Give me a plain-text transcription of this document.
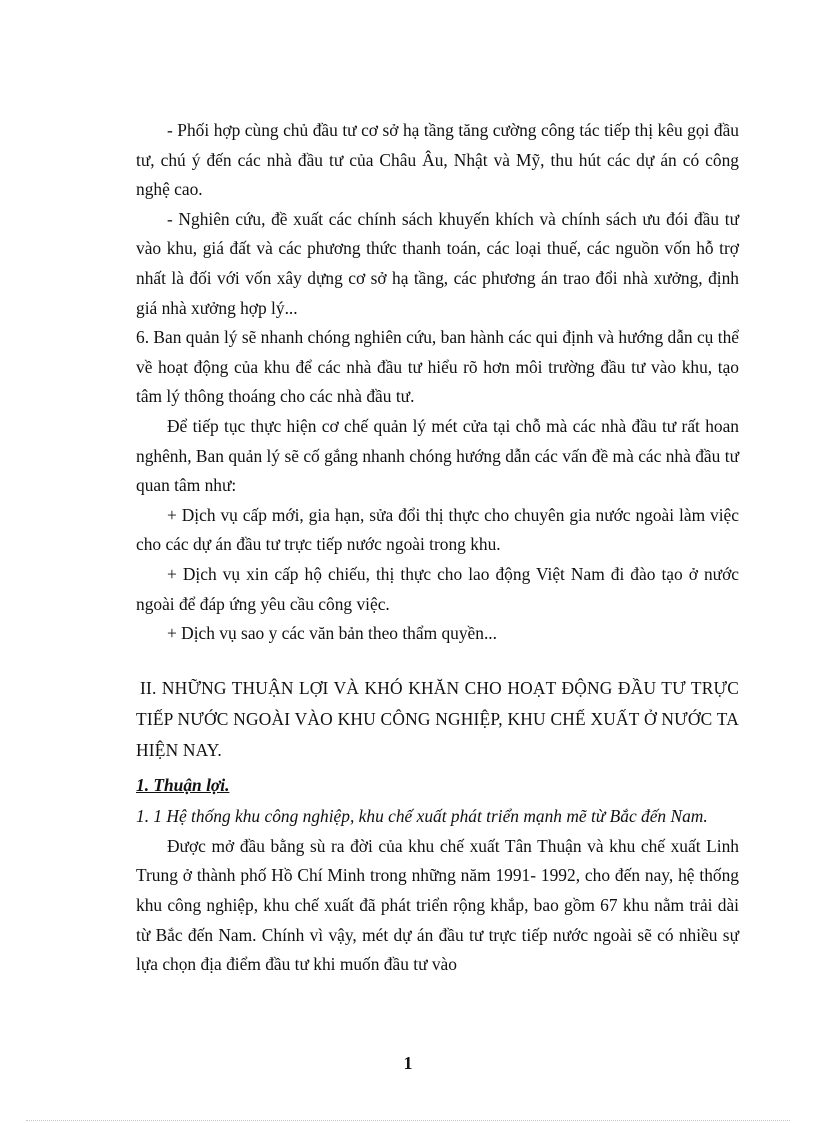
- Phối hợp cùng chủ đầu tư cơ sở hạ tầng tăng cường công tác tiếp thị kêu gọi đầu tư, chú ý đến các nhà đầu tư của Châu Âu, Nhật và Mỹ, thu hút các dự án có công nghệ cao.

- Nghiên cứu, đề xuất các chính sách khuyến khích và chính sách ưu đói đầu tư vào khu, giá đất và các phương thức thanh toán, các loại thuế, các nguồn vốn hỗ trợ nhất là đối với vốn xây dựng cơ sở hạ tầng, các phương án trao đổi nhà xưởng, định giá nhà xưởng hợp lý...

6. Ban quản lý sẽ nhanh chóng nghiên cứu, ban hành các qui định và hướng dẫn cụ thể về hoạt động của khu để các nhà đầu tư hiểu rõ hơn môi trường đầu tư vào khu, tạo tâm lý thông thoáng cho các nhà đầu tư.

Để tiếp tục thực hiện cơ chế quản lý mét cửa tại chỗ mà các nhà đầu tư rất hoan nghênh, Ban quản lý sẽ cố gắng nhanh chóng hướng dẫn các vấn đề mà các nhà đầu tư quan tâm như:

+ Dịch vụ cấp mới, gia hạn, sửa đổi thị thực cho chuyên gia nước ngoài làm việc cho các dự án đầu tư trực tiếp nước ngoài trong khu.

+ Dịch vụ xin cấp hộ chiếu, thị thực cho lao động Việt Nam đi đào tạo ở nước ngoài để đáp ứng yêu cầu công việc.

+ Dịch vụ sao y các văn bản theo thẩm quyền...

II. NHỮNG THUẬN LỢI VÀ KHÓ KHĂN CHO HOẠT ĐỘNG ĐẦU TƯ TRỰC TIẾP NƯỚC NGOÀI VÀO KHU CÔNG NGHIỆP, KHU CHẾ XUẤT Ở NƯỚC TA HIỆN NAY.

1. Thuận lợi.

1. 1 Hệ thống khu công nghiệp, khu chế xuất phát triển mạnh mẽ từ Bắc đến Nam.

Được mở đầu bằng sù ra đời của khu chế xuất Tân Thuận và khu chế xuất Linh Trung ở thành phố Hồ Chí Minh trong những năm 1991- 1992, cho đến nay, hệ thống khu công nghiệp, khu chế xuất đã phát triển rộng khắp, bao gồm 67 khu nằm trải dài từ Bắc đến Nam. Chính vì vậy, mét dự án đầu tư trực tiếp nước ngoài sẽ có nhiều sự lựa chọn địa điểm đầu tư khi muốn đầu tư vào

1
